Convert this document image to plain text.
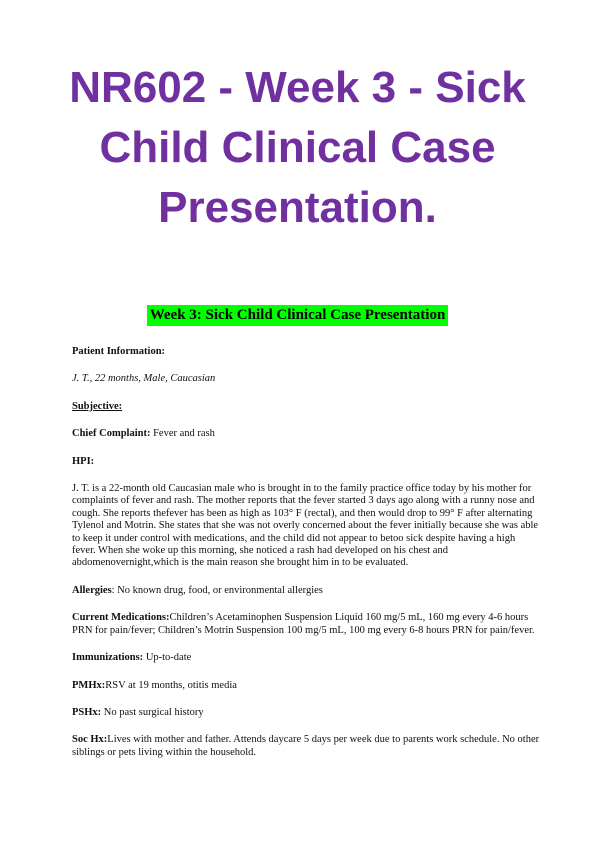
NR602 - Week 3 - Sick
Child Clinical Case
Presentation.
Week 3: Sick Child Clinical Case Presentation

Patient Information:

J. T., 22 months, Male, Caucasian

Subjective:

Chief Complaint: Fever and rash

HPI:

J. T. is a 22-month old Caucasian male who is brought in to the family practice office today by his mother for complaints of fever and rash. The mother reports that the fever started 3 days ago along with a runny nose and cough. She reports thefever has been as high as 103° F (rectal), and then would drop to 99° F after alternating Tylenol and Motrin. She states that she was not overly concerned about the fever initially because she was able to keep it under control with medications, and the child did not appear to betoo sick despite having a high fever. When she woke up this morning, she noticed a rash had developed on his chest and abdomenovernight,which is the main reason she brought him in to be evaluated.

Allergies: No known drug, food, or environmental allergies

Current Medications:Children’s Acetaminophen Suspension Liquid 160 mg/5 mL, 160 mg every 4-6 hours PRN for pain/fever; Children’s Motrin Suspension 100 mg/5 mL, 100 mg every 6-8 hours PRN for pain/fever.

Immunizations: Up-to-date

PMHx:RSV at 19 months, otitis media

PSHx: No past surgical history

Soc Hx:Lives with mother and father. Attends daycare 5 days per week due to parents work schedule. No other siblings or pets living within the household.
